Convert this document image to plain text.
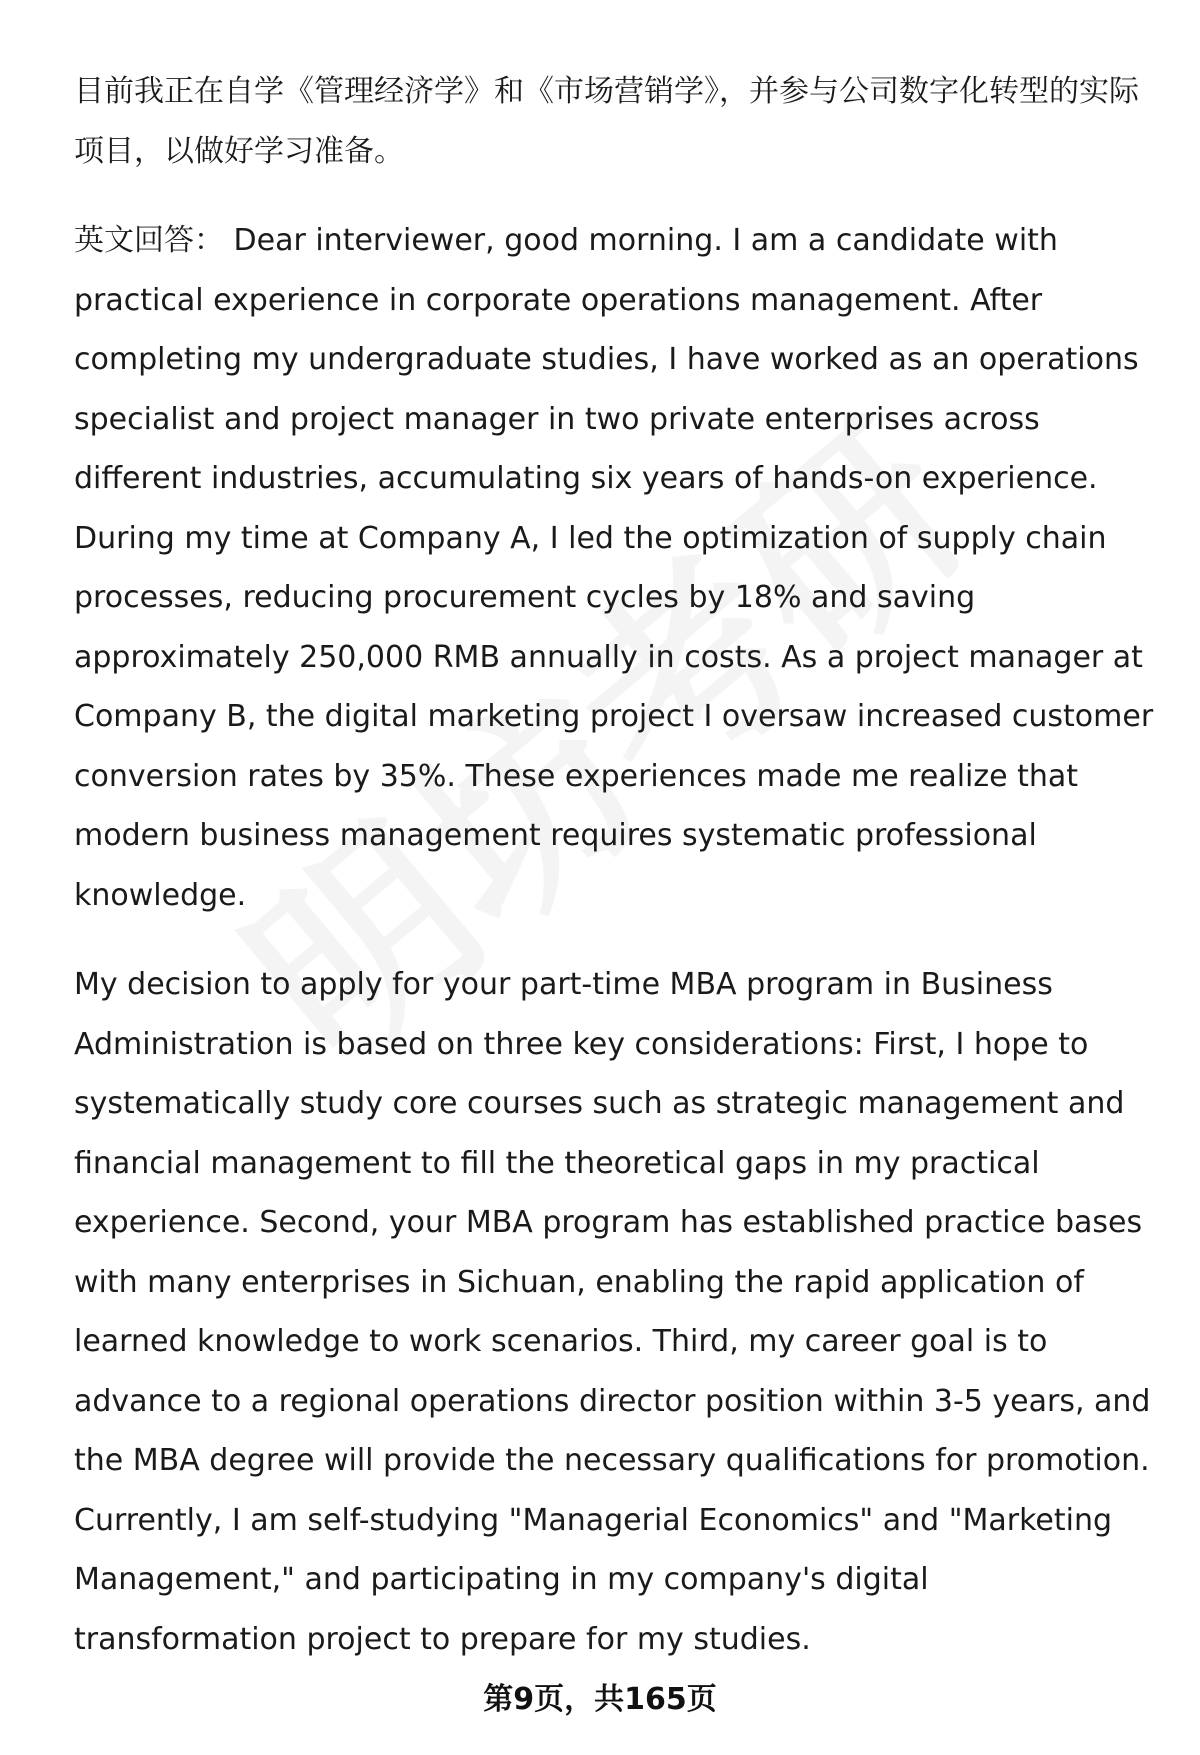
目前我正在自学《管理经济学》和《市场营销学》，并参与公司数字化转型的实际项目，以做好学习准备。

英文回答： Dear interviewer, good morning. I am a candidate with practical experience in corporate operations management. After completing my undergraduate studies, I have worked as an operations specialist and project manager in two private enterprises across different industries, accumulating six years of hands-on experience. During my time at Company A, I led the optimization of supply chain processes, reducing procurement cycles by 18% and saving approximately 250,000 RMB annually in costs. As a project manager at Company B, the digital marketing project I oversaw increased customer conversion rates by 35%. These experiences made me realize that modern business management requires systematic professional knowledge.

My decision to apply for your part-time MBA program in Business Administration is based on three key considerations: First, I hope to systematically study core courses such as strategic management and financial management to fill the theoretical gaps in my practical experience. Second, your MBA program has established practice bases with many enterprises in Sichuan, enabling the rapid application of learned knowledge to work scenarios. Third, my career goal is to advance to a regional operations director position within 3-5 years, and the MBA degree will provide the necessary qualifications for promotion. Currently, I am self-studying "Managerial Economics" and "Marketing Management," and participating in my company's digital transformation project to prepare for my studies.

第9页，共165页
